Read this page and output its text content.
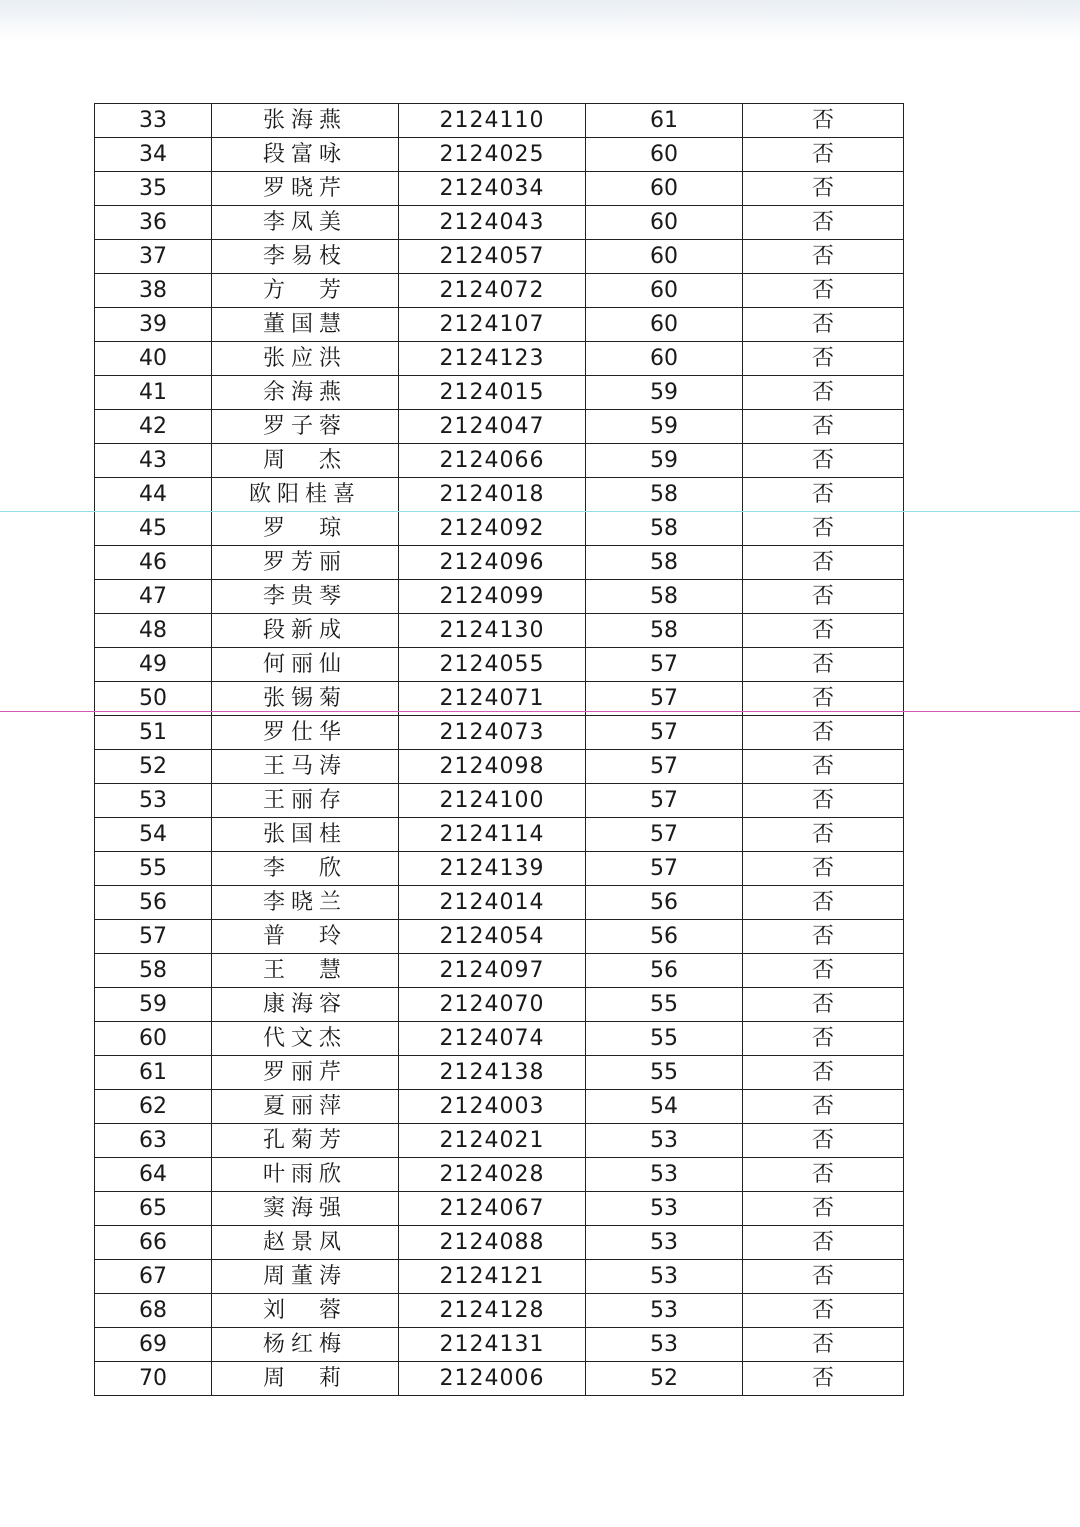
33	张海燕	2124110	61	否
34	段富咏	2124025	60	否
35	罗晓芹	2124034	60	否
36	李凤美	2124043	60	否
37	李易枝	2124057	60	否
38	方　芳	2124072	60	否
39	董国慧	2124107	60	否
40	张应洪	2124123	60	否
41	余海燕	2124015	59	否
42	罗子蓉	2124047	59	否
43	周　杰	2124066	59	否
44	欧阳桂喜	2124018	58	否
45	罗　琼	2124092	58	否
46	罗芳丽	2124096	58	否
47	李贵琴	2124099	58	否
48	段新成	2124130	58	否
49	何丽仙	2124055	57	否
50	张锡菊	2124071	57	否
51	罗仕华	2124073	57	否
52	王马涛	2124098	57	否
53	王丽存	2124100	57	否
54	张国桂	2124114	57	否
55	李　欣	2124139	57	否
56	李晓兰	2124014	56	否
57	普　玲	2124054	56	否
58	王　慧	2124097	56	否
59	康海容	2124070	55	否
60	代文杰	2124074	55	否
61	罗丽芹	2124138	55	否
62	夏丽萍	2124003	54	否
63	孔菊芳	2124021	53	否
64	叶雨欣	2124028	53	否
65	窦海强	2124067	53	否
66	赵景凤	2124088	53	否
67	周董涛	2124121	53	否
68	刘　蓉	2124128	53	否
69	杨红梅	2124131	53	否
70	周　莉	2124006	52	否
